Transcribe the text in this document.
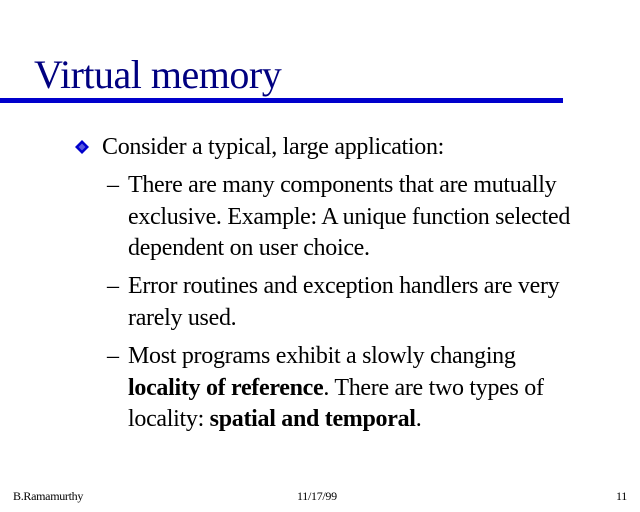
Virtual memory
Consider a typical, large application:
– There are many components that are mutually
exclusive. Example: A unique function selected
dependent on user choice.
– Error routines and exception handlers are very
rarely used.
– Most programs exhibit a slowly changing
locality of reference. There are two types of
locality: spatial and temporal.
B.Ramamurthy	11/17/99	11
